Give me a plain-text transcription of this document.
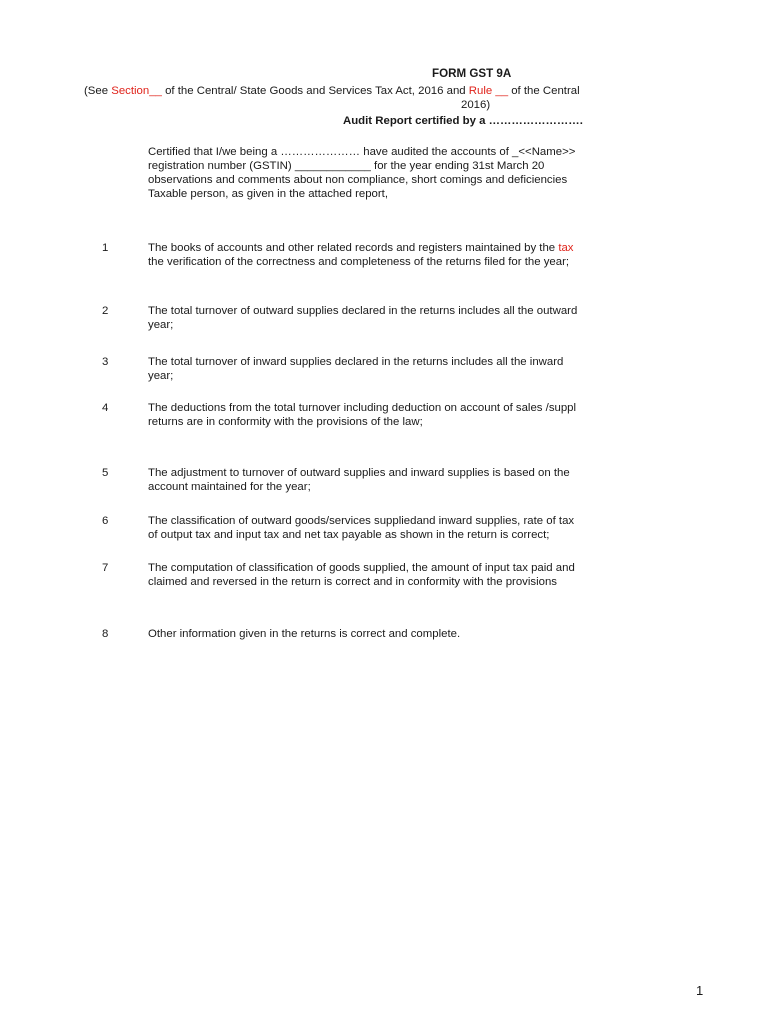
FORM GST 9A
(See Section__ of the Central/ State Goods and Services Tax Act, 2016 and Rule __ of the Central
2016)
Audit Report certified by a …………………….
Certified that I/we being a ………………… have audited the accounts of _<<Name>>
registration number (GSTIN) ____________ for the year ending 31st March 20
observations and comments about non compliance, short comings and deficiencies
Taxable person, as given in the attached report,
1	The books of accounts and other related records and registers maintained by the tax
the verification of the correctness and completeness of the returns filed for the year;
2	The total turnover of outward supplies declared in the returns includes all the outward
year;
3	The total turnover of inward supplies declared in the returns includes all the inward
year;
4	The deductions from the total turnover including deduction on account of sales /suppl
returns are in conformity with the provisions of the law;
5	The adjustment to turnover of outward supplies and inward supplies is based on the
account maintained for the year;
6	The classification of outward goods/services suppliedand inward supplies, rate of tax
of output tax and input tax and net tax payable as shown in the return is correct;
7	The computation of classification of goods supplied, the amount of input tax paid and
claimed and reversed in the return is correct and in conformity with the provisions
8	Other information given in the returns is correct and complete.
1
